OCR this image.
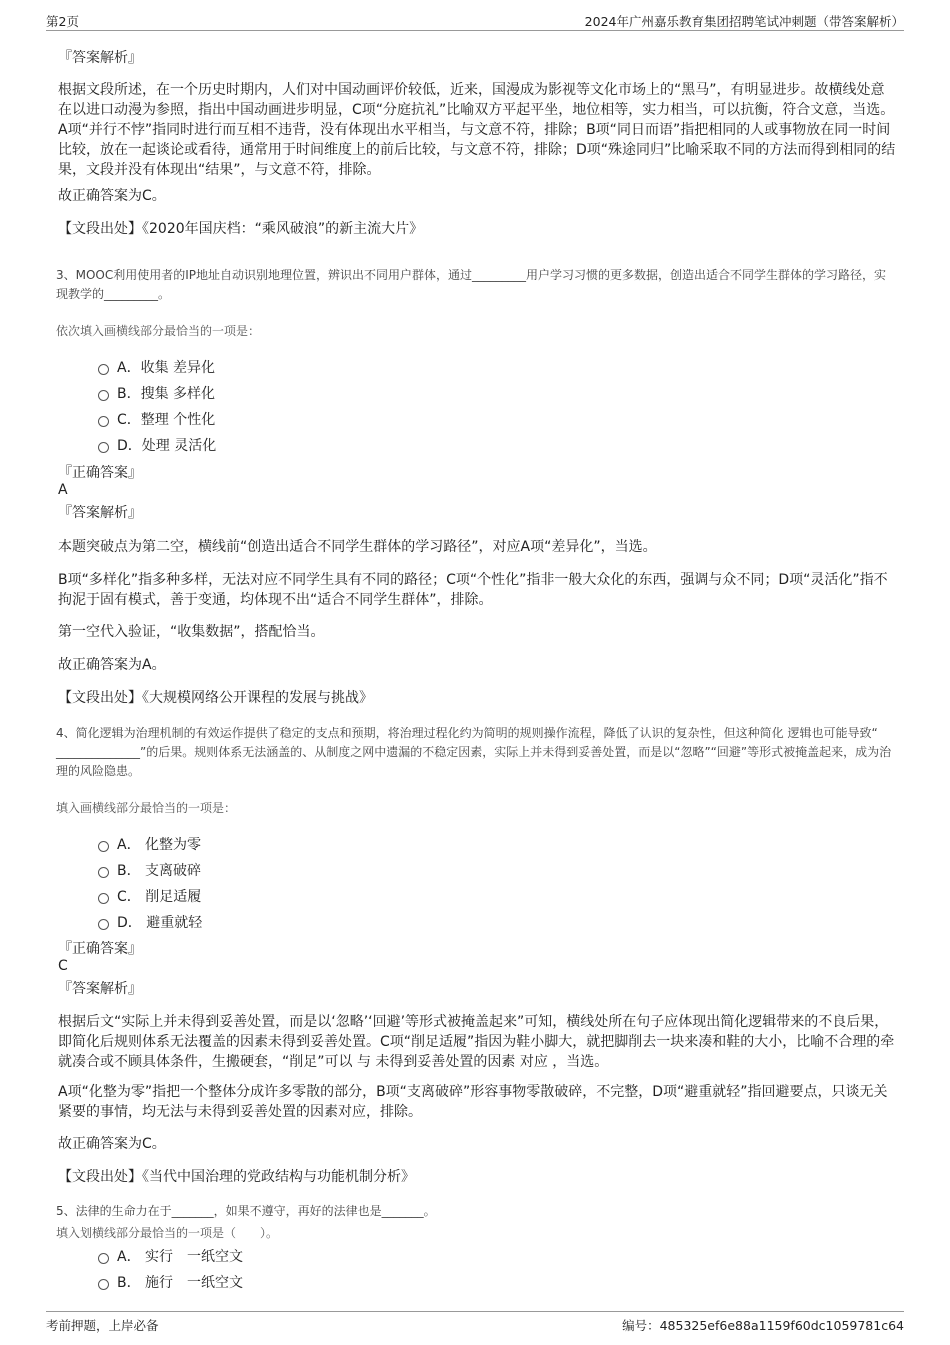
第2页	2024年广州嘉乐教育集团招聘笔试冲刺题（带答案解析）
『答案解析』
根据文段所述，在一个历史时期内，人们对中国动画评价较低，近来，国漫成为影视等文化市场上的“黑马”，有明显进步。故横线处意在以进口动漫为参照，指出中国动画进步明显，C项“分庭抗礼”比喻双方平起平坐，地位相等，实力相当，可以抗衡，符合文意，当选。A项“并行不悖”指同时进行而互相不违背，没有体现出水平相当，与文意不符，排除；B项“同日而语”指把相同的人或事物放在同一时间比较，放在一起谈论或看待，通常用于时间维度上的前后比较，与文意不符，排除；D项“殊途同归”比喻采取不同的方法而得到相同的结果，文段并没有体现出“结果”，与文意不符，排除。
故正确答案为C。
【文段出处】《2020年国庆档：“乘风破浪”的新主流大片》
3、MOOC利用使用者的IP地址自动识别地理位置，辨识出不同用户群体，通过_________用户学习习惯的更多数据，创造出适合不同学生群体的学习路径，实现教学的_________。
依次填入画横线部分最恰当的一项是：
A．收集 差异化
B．搜集 多样化
C．整理 个性化
D．处理 灵活化
『正确答案』
A
『答案解析』
本题突破点为第二空，横线前“创造出适合不同学生群体的学习路径”，对应A项“差异化”，当选。
B项“多样化”指多种多样，无法对应不同学生具有不同的路径；C项“个性化”指非一般大众化的东西，强调与众不同；D项“灵活化”指不拘泥于固有模式，善于变通，均体现不出“适合不同学生群体”，排除。
第一空代入验证，“收集数据”，搭配恰当。
故正确答案为A。
【文段出处】《大规模网络公开课程的发展与挑战》
4、简化逻辑为治理机制的有效运作提供了稳定的支点和预期，将治理过程化约为简明的规则操作流程，降低了认识的复杂性，但这种简化 逻辑也可能导致“ ______________”的后果。规则体系无法涵盖的、从制度之网中遗漏的不稳定因素，实际上并未得到妥善处置，而是以“忽略”“回避”等形式被掩盖起来，成为治理的风险隐患。
填入画横线部分最恰当的一项是：
A． 化整为零
B． 支离破碎
C． 削足适履
D． 避重就轻
『正确答案』
C
『答案解析』
根据后文“实际上并未得到妥善处置，而是以‘忽略’‘回避’等形式被掩盖起来”可知，横线处所在句子应体现出简化逻辑带来的不良后果，即简化后规则体系无法覆盖的因素未得到妥善处置。C项“削足适履”指因为鞋小脚大，就把脚削去一块来凑和鞋的大小，比喻不合理的牵就凑合或不顾具体条件，生搬硬套，“削足”可以 与 未得到妥善处置的因素 对应 ，当选。
A项“化整为零”指把一个整体分成许多零散的部分，B项“支离破碎”形容事物零散破碎，不完整，D项“避重就轻”指回避要点，只谈无关紧要的事情，均无法与未得到妥善处置的因素对应，排除。
故正确答案为C。
【文段出处】《当代中国治理的党政结构与功能机制分析》
5、法律的生命力在于_______，如果不遵守，再好的法律也是_______。
填入划横线部分最恰当的一项是（　　）。
A． 实行　一纸空文
B． 施行　一纸空文
考前押题，上岸必备	编号：485325ef6e88a1159f60dc1059781c64
